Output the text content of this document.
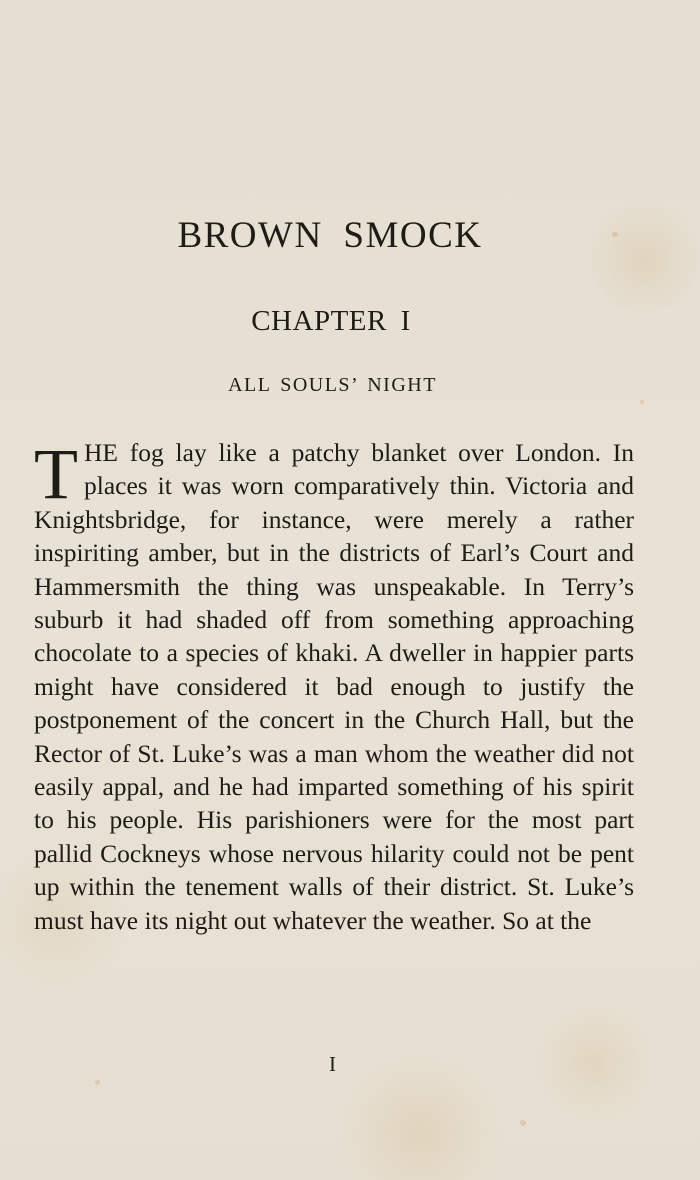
BROWN SMOCK
CHAPTER I
ALL SOULS’ NIGHT

THE fog lay like a patchy blanket over London. In places it was worn comparatively thin. Victoria and Knightsbridge, for instance, were merely a rather inspiriting amber, but in the districts of Earl’s Court and Hammersmith the thing was unspeakable. In Terry’s suburb it had shaded off from something approaching chocolate to a species of khaki. A dweller in happier parts might have considered it bad enough to justify the postponement of the concert in the Church Hall, but the Rector of St. Luke’s was a man whom the weather did not easily appal, and he had imparted something of his spirit to his people. His parishioners were for the most part pallid Cockneys whose nervous hilarity could not be pent up within the tenement walls of their district. St. Luke’s must have its night out whatever the weather. So at the

I
